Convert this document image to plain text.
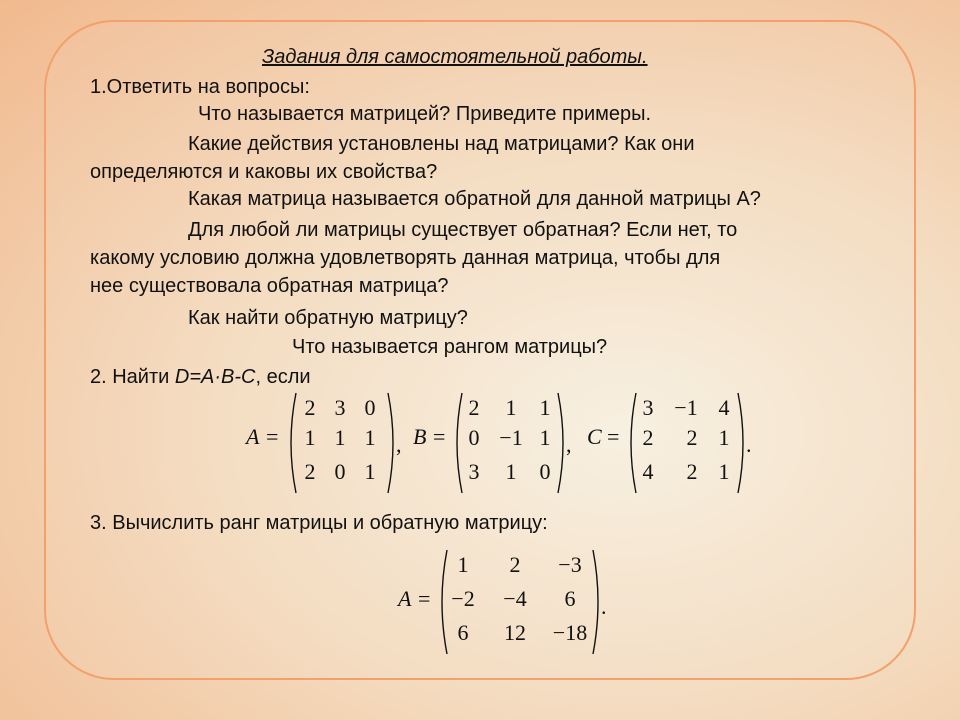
Задания для самостоятельной работы.
1.Ответить на вопросы:
Что называется матрицей? Приведите примеры.
Какие действия установлены над матрицами? Как они
определяются и каковы их свойства?
Какая матрица называется обратной для данной матрицы А?
Для любой ли матрицы существует обратная? Если нет, то
какому условию должна удовлетворять данная матрица, чтобы для
нее существовала обратная матрица?
Как найти обратную матрицу?
Что называется рангом матрицы?
2. Найти D=A·B-C, если
A =
2 3 0
1 1 1
2 0 1
, B =
2	1	1
0 −1 1
3	1	0
, C =
3 −1 4
2	2 1
4	2 1
.
3. Вычислить ранг матрицы и обратную матрицу:
A =
1	2	−3
−2	−4	6
6	12	−18
.
